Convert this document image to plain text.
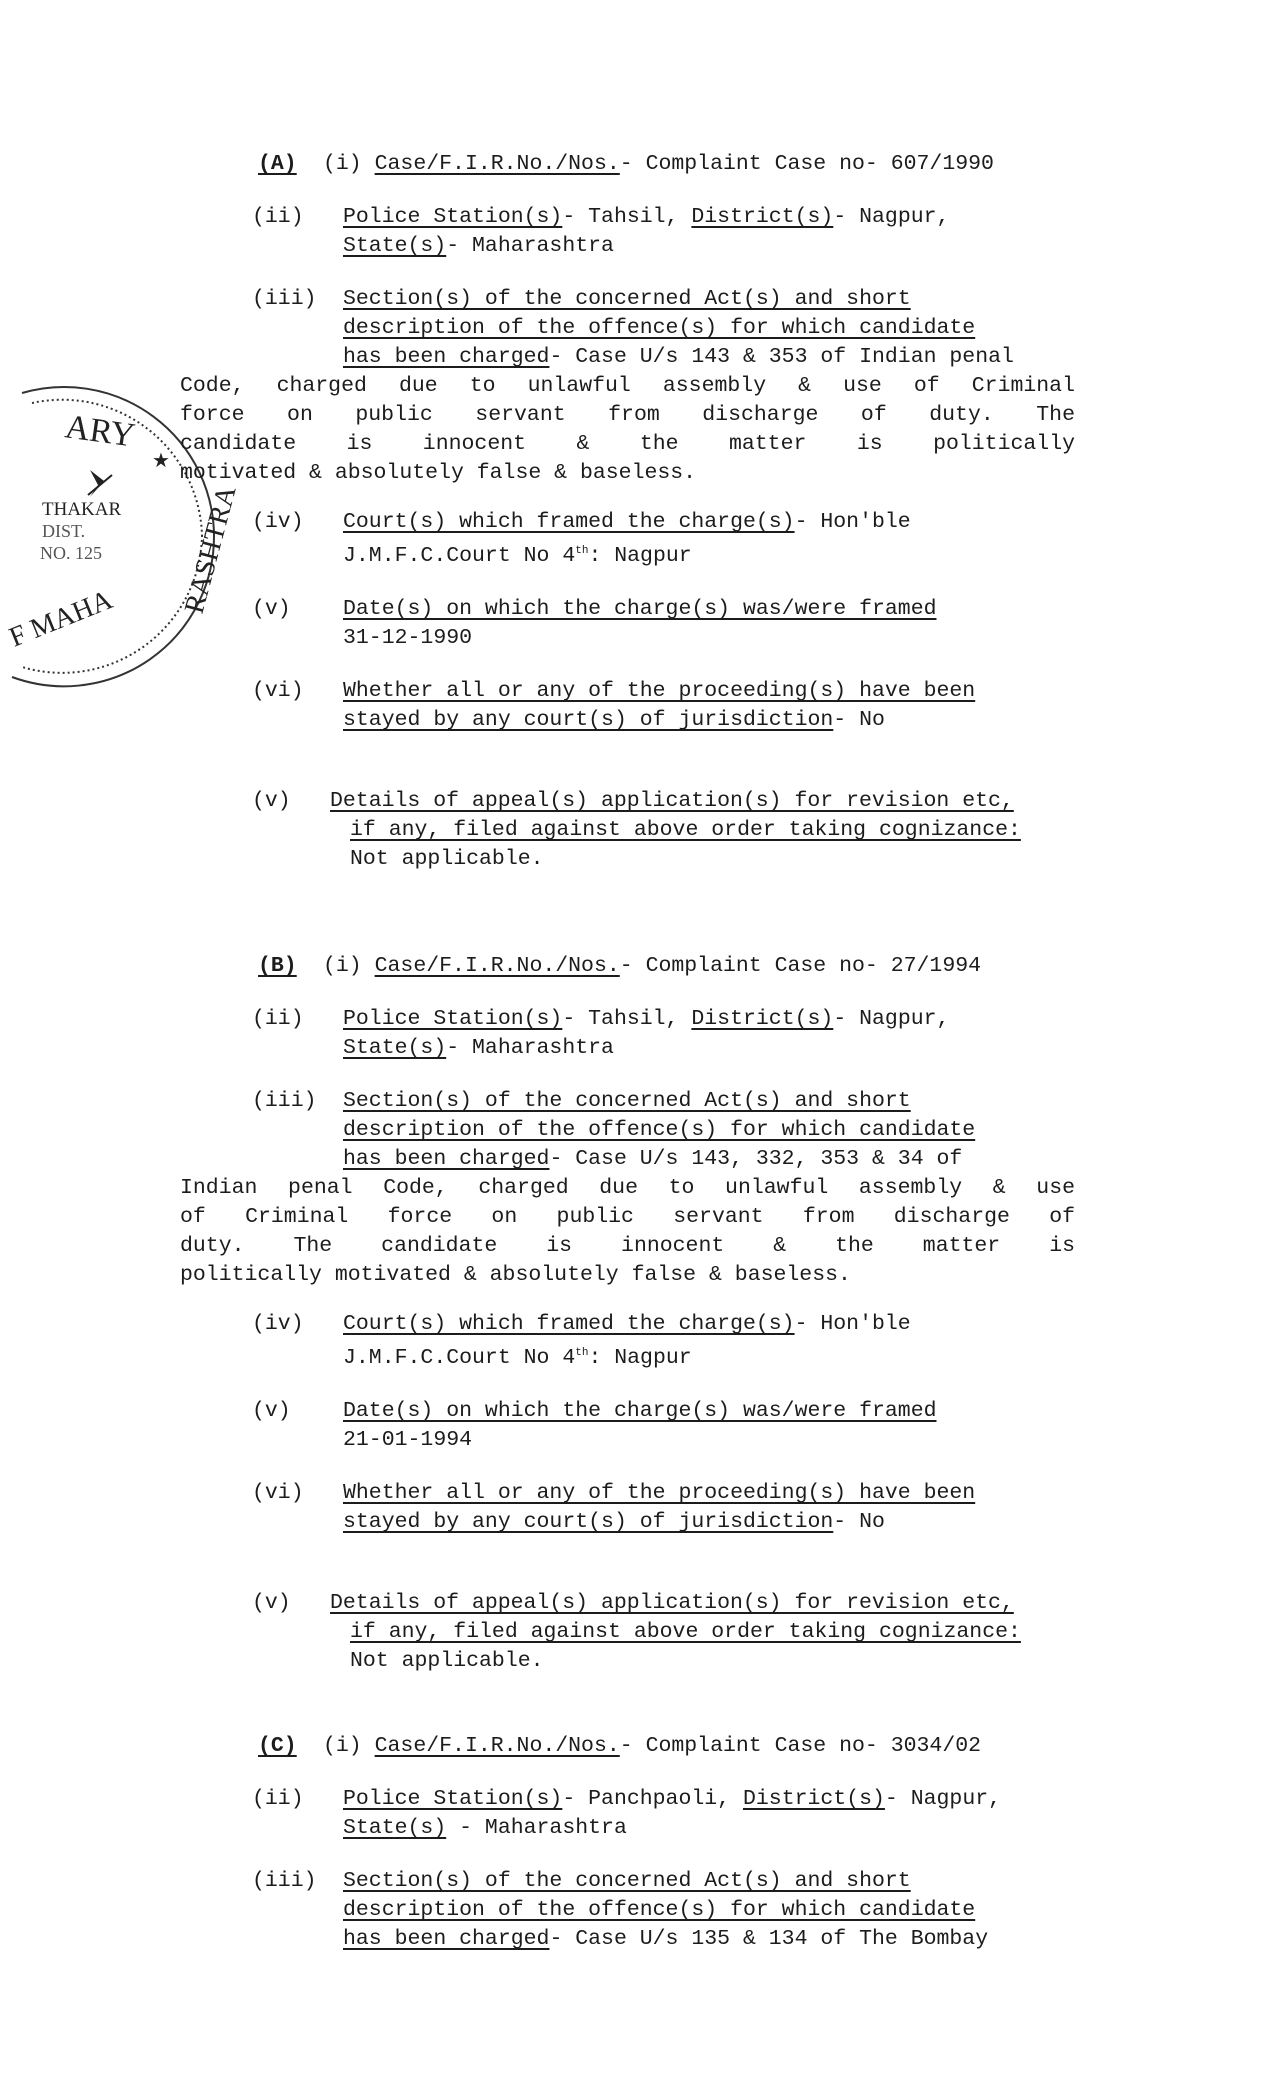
ARY
★
THAKAR
DIST.
NO. 125	RASHTRA
F MAHA
(A)	(i) Case/F.I.R.No./Nos.- Complaint Case no- 607/1990
(ii)	Police Station(s)- Tahsil, District(s)- Nagpur,
State(s)- Maharashtra
(iii)	Section(s) of the concerned Act(s) and short
description of the offence(s) for which candidate
has been charged- Case U/s 143 & 353 of Indian penal
Code, charged due to unlawful assembly & use of Criminal
force on public servant from discharge of duty. The
candidate is innocent & the matter is politically
motivated & absolutely false & baseless.
(iv)	Court(s) which framed the charge(s)- Hon'ble
J.M.F.C.Court No 4th: Nagpur
(v)	Date(s) on which the charge(s) was/were framed
31-12-1990
(vi)	Whether all or any of the proceeding(s) have been
stayed by any court(s) of jurisdiction- No
(v)	Details of appeal(s) application(s) for revision etc,
if any, filed against above order taking cognizance:
Not applicable.
(B)	(i) Case/F.I.R.No./Nos.- Complaint Case no- 27/1994
(ii)	Police Station(s)- Tahsil, District(s)- Nagpur,
State(s)- Maharashtra
(iii)	Section(s) of the concerned Act(s) and short
description of the offence(s) for which candidate
has been charged- Case U/s 143, 332, 353 & 34 of
Indian penal Code, charged due to unlawful assembly & use
of Criminal force on public servant from discharge of
duty. The candidate is innocent & the matter is
politically motivated & absolutely false & baseless.
(iv)	Court(s) which framed the charge(s)- Hon'ble
J.M.F.C.Court No 4th: Nagpur
(v)	Date(s) on which the charge(s) was/were framed
21-01-1994
(vi)	Whether all or any of the proceeding(s) have been
stayed by any court(s) of jurisdiction- No
(v)	Details of appeal(s) application(s) for revision etc,
if any, filed against above order taking cognizance:
Not applicable.
(C)	(i) Case/F.I.R.No./Nos.- Complaint Case no- 3034/02
(ii)	Police Station(s)- Panchpaoli, District(s)- Nagpur,
State(s) - Maharashtra
(iii)	Section(s) of the concerned Act(s) and short
description of the offence(s) for which candidate
has been charged- Case U/s 135 & 134 of The Bombay
